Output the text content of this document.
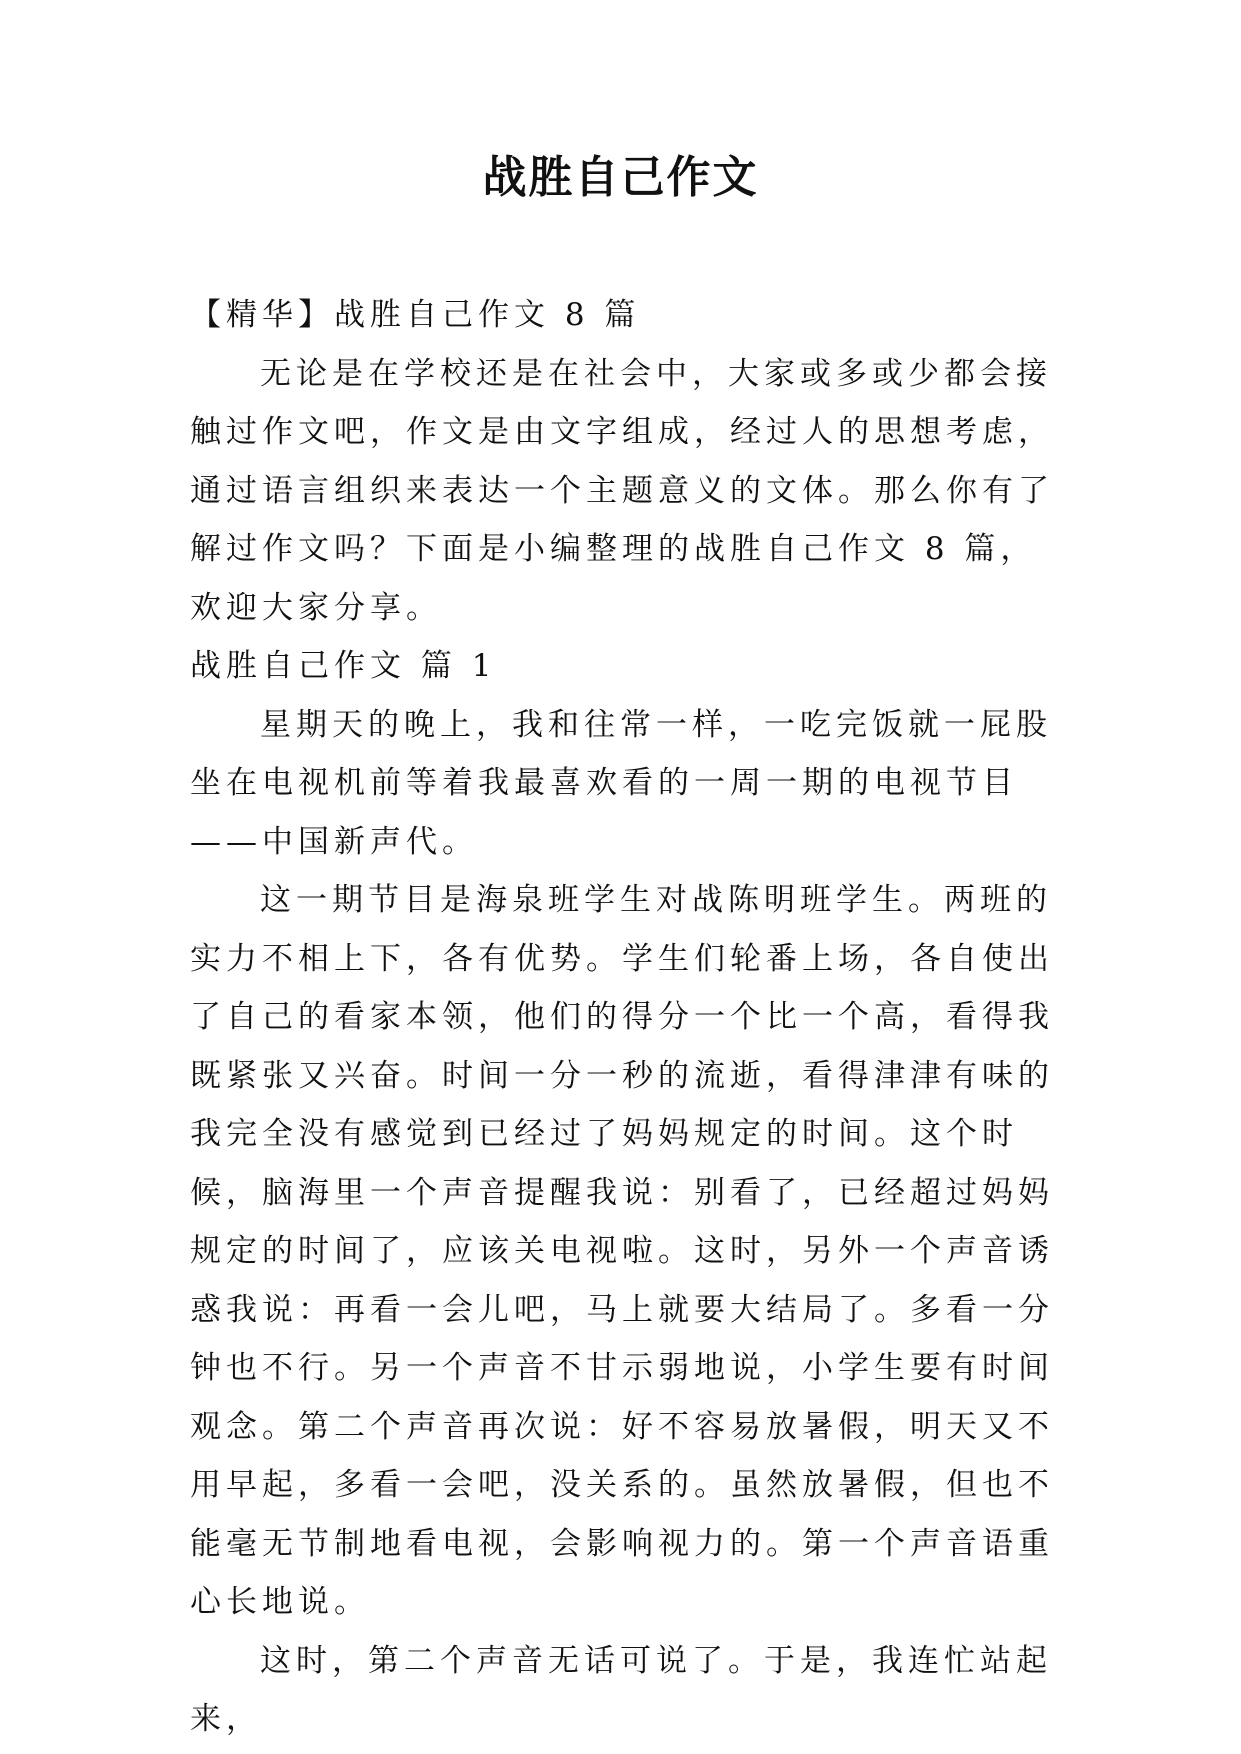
战胜自己作文

【精华】战胜自己作文 8 篇

无论是在学校还是在社会中，大家或多或少都会接触过作文吧，作文是由文字组成，经过人的思想考虑，通过语言组织来表达一个主题意义的文体。那么你有了解过作文吗？下面是小编整理的战胜自己作文 8 篇，欢迎大家分享。

战胜自己作文 篇 1

星期天的晚上，我和往常一样，一吃完饭就一屁股坐在电视机前等着我最喜欢看的一周一期的电视节目——中国新声代。

这一期节目是海泉班学生对战陈明班学生。两班的实力不相上下，各有优势。学生们轮番上场，各自使出了自己的看家本领，他们的得分一个比一个高，看得我既紧张又兴奋。时间一分一秒的流逝，看得津津有味的我完全没有感觉到已经过了妈妈规定的时间。这个时候，脑海里一个声音提醒我说：别看了，已经超过妈妈规定的时间了，应该关电视啦。这时，另外一个声音诱惑我说：再看一会儿吧，马上就要大结局了。多看一分钟也不行。另一个声音不甘示弱地说，小学生要有时间观念。第二个声音再次说：好不容易放暑假，明天又不用早起，多看一会吧，没关系的。虽然放暑假，但也不能毫无节制地看电视，会影响视力的。第一个声音语重心长地说。

这时，第二个声音无话可说了。于是，我连忙站起来，
